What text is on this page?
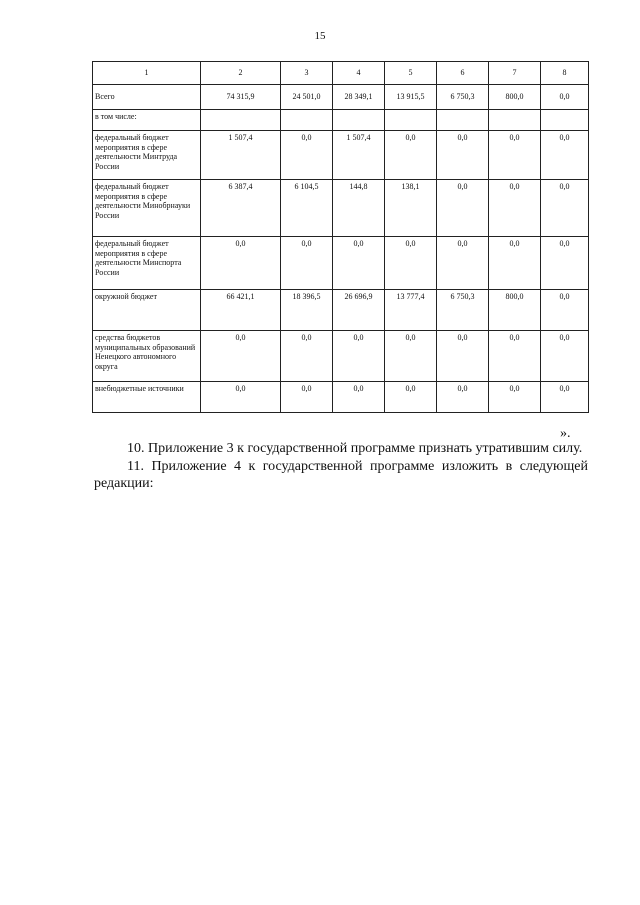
15
1	2	3	4	5	6	7	8
Всего	74 315,9	24 501,0	28 349,1	13 915,5	6 750,3	800,0	0,0
в том числе:							
федеральный бюджет мероприятия в сфере деятельности Минтруда России	1 507,4	0,0	1 507,4	0,0	0,0	0,0	0,0
федеральный бюджет мероприятия в сфере деятельности Минобрнауки России	6 387,4	6 104,5	144,8	138,1	0,0	0,0	0,0
федеральный бюджет мероприятия в сфере деятельности Минспорта России	0,0	0,0	0,0	0,0	0,0	0,0	0,0
окружной бюджет	66 421,1	18 396,5	26 696,9	13 777,4	6 750,3	800,0	0,0
средства бюджетов муниципальных образований Ненецкого автономного округа	0,0	0,0	0,0	0,0	0,0	0,0	0,0
внебюджетные источники	0,0	0,0	0,0	0,0	0,0	0,0	0,0
».
10. Приложение 3 к государственной программе признать утратившим силу.
11. Приложение 4 к государственной программе изложить в следующей редакции:
